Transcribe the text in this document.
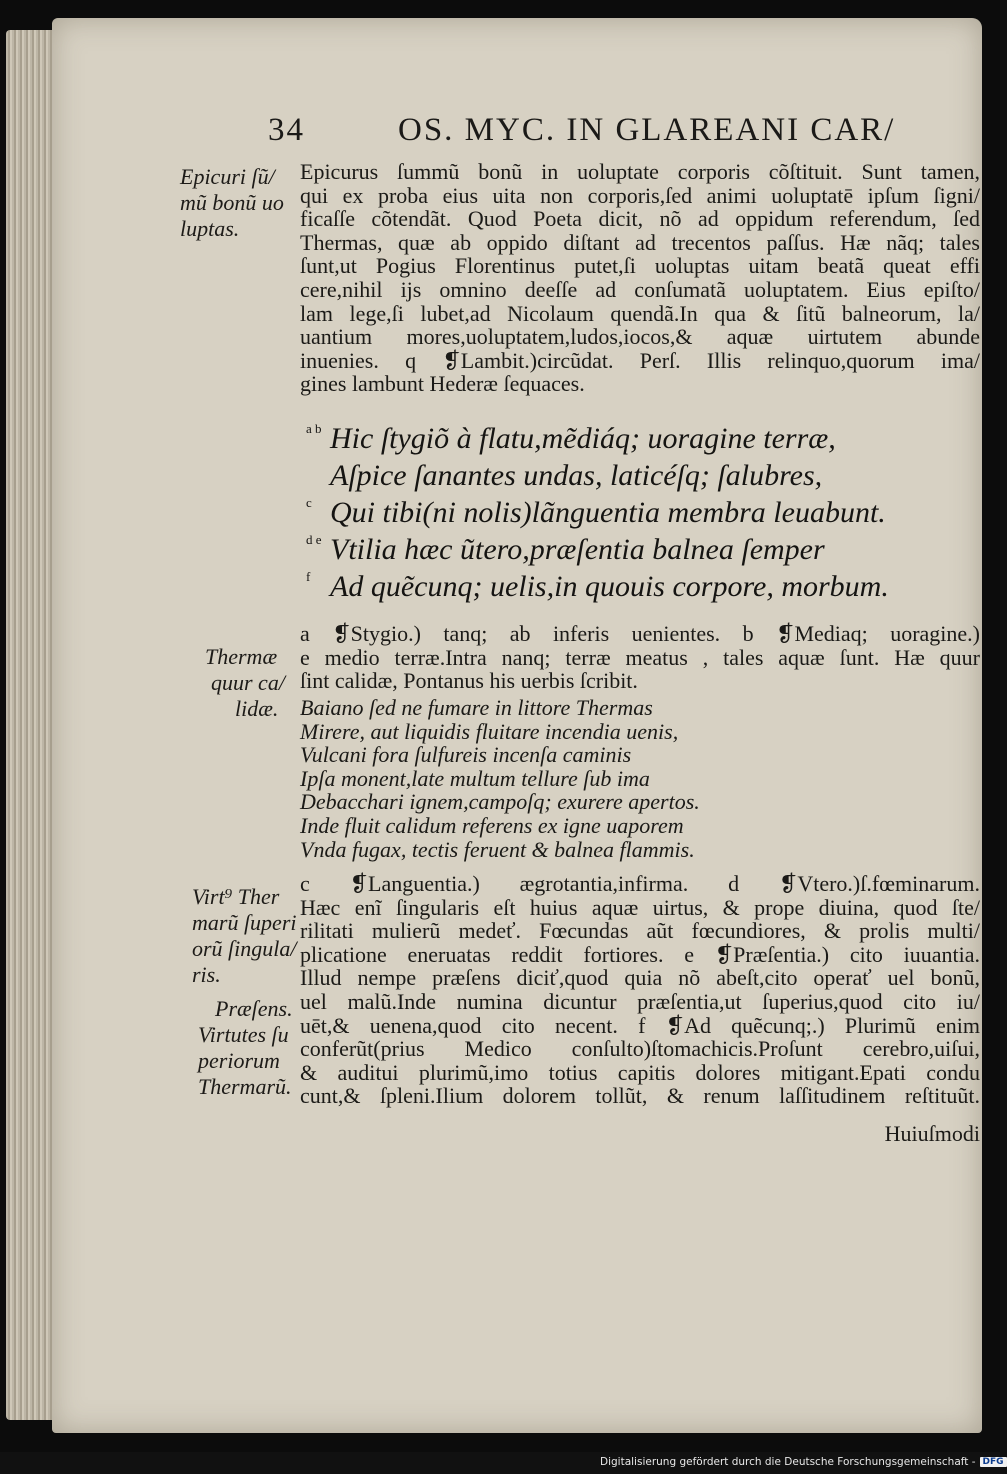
34	OS. MYC. IN GLAREANI CAR/
Epicuri ſũ/
mũ bonũ uo
luptas.
Thermæ
quur ca/
lidæ.
Virt⁹ Ther
marũ ſuperi
orũ ſingula/
ris.
Præſens.
Virtutes ſu
periorum
Thermarũ.
Epicurus ſummũ bonũ in uoluptate corporis cõſtituit. Sunt tamen,
qui ex proba eius uita non corporis,ſed animi uoluptatē ipſum ſigni/
ficaſſe cõtendãt. Quod Poeta dicit, nõ ad oppidum referendum, ſed
Thermas, quæ ab oppido diſtant ad trecentos paſſus. Hæ nãq; tales
ſunt,ut Pogius Florentinus putet,ſi uoluptas uitam beatã queat effi
cere,nihil ĳs omnino deeſſe ad conſumatã uoluptatem. Eius epiſto/
lam lege,ſi lubet,ad Nicolaum quendã.In qua & ſitũ balneorum, la/
uantium mores,uoluptatem,ludos,iocos,& aquæ uirtutem abunde
inuenies. q ❡Lambit.)circũdat. Perſ. Illis relinquo,quorum ima/
gines lambunt Hederæ ſequaces.
a b Hic ſtygiõ à flatu,mẽdiáq; uoragine terræ,
Aſpice ſanantes undas, laticéſq; ſalubres,
c Qui tibi(ni nolis)lãnguentia membra leuabunt.
d e Vtilia hæc ũtero,præſentia balnea ſemper
f Ad quẽcunq; uelis,in quouis corpore, morbum.
a ❡Stygio.) tanq; ab inferis uenientes. b ❡Mediaq; uoragine.)
e medio terræ.Intra nanq; terræ meatus , tales aquæ ſunt. Hæ quur
ſint calidæ, Pontanus his uerbis ſcribit.
Baiano ſed ne fumare in littore Thermas
Mirere, aut liquidis fluitare incendia uenis,
Vulcani fora ſulfureis incenſa caminis
Ipſa monent,late multum tellure ſub ima
Debacchari ignem,campoſq; exurere apertos.
Inde fluit calidum referens ex igne uaporem
Vnda fugax, tectis feruent & balnea flammis.
c ❡Languentia.) ægrotantia,infirma. d ❡Vtero.)ſ.fœminarum.
Hæc enĩ ſingularis eſt huius aquæ uirtus, & prope diuina, quod ſte/
rilitati mulierũ medeť. Fœcundas aũt fœcundiores, & prolis multi/
plicatione eneruatas reddit fortiores. e ❡Præſentia.) cito iuuantia.
Illud nempe præſens diciť,quod quia nõ abeſt,cito operať uel bonũ,
uel malũ.Inde numina dicuntur præſentia,ut ſuperius,quod cito iu/
uēt,& uenena,quod cito necent. f ❡Ad quẽcunq;.) Plurimũ enim
conferũt(prius Medico conſulto)ſtomachicis.Proſunt cerebro,uiſui,
& auditui plurimũ,imo totius capitis dolores mitigant.Epati condu
cunt,& ſpleni.Ilium dolorem tollũt, & renum laſſitudinem reſtituũt.
Huiuſmodi
Digitalisierung gefördert durch die Deutsche Forschungsgemeinschaft - DFG
